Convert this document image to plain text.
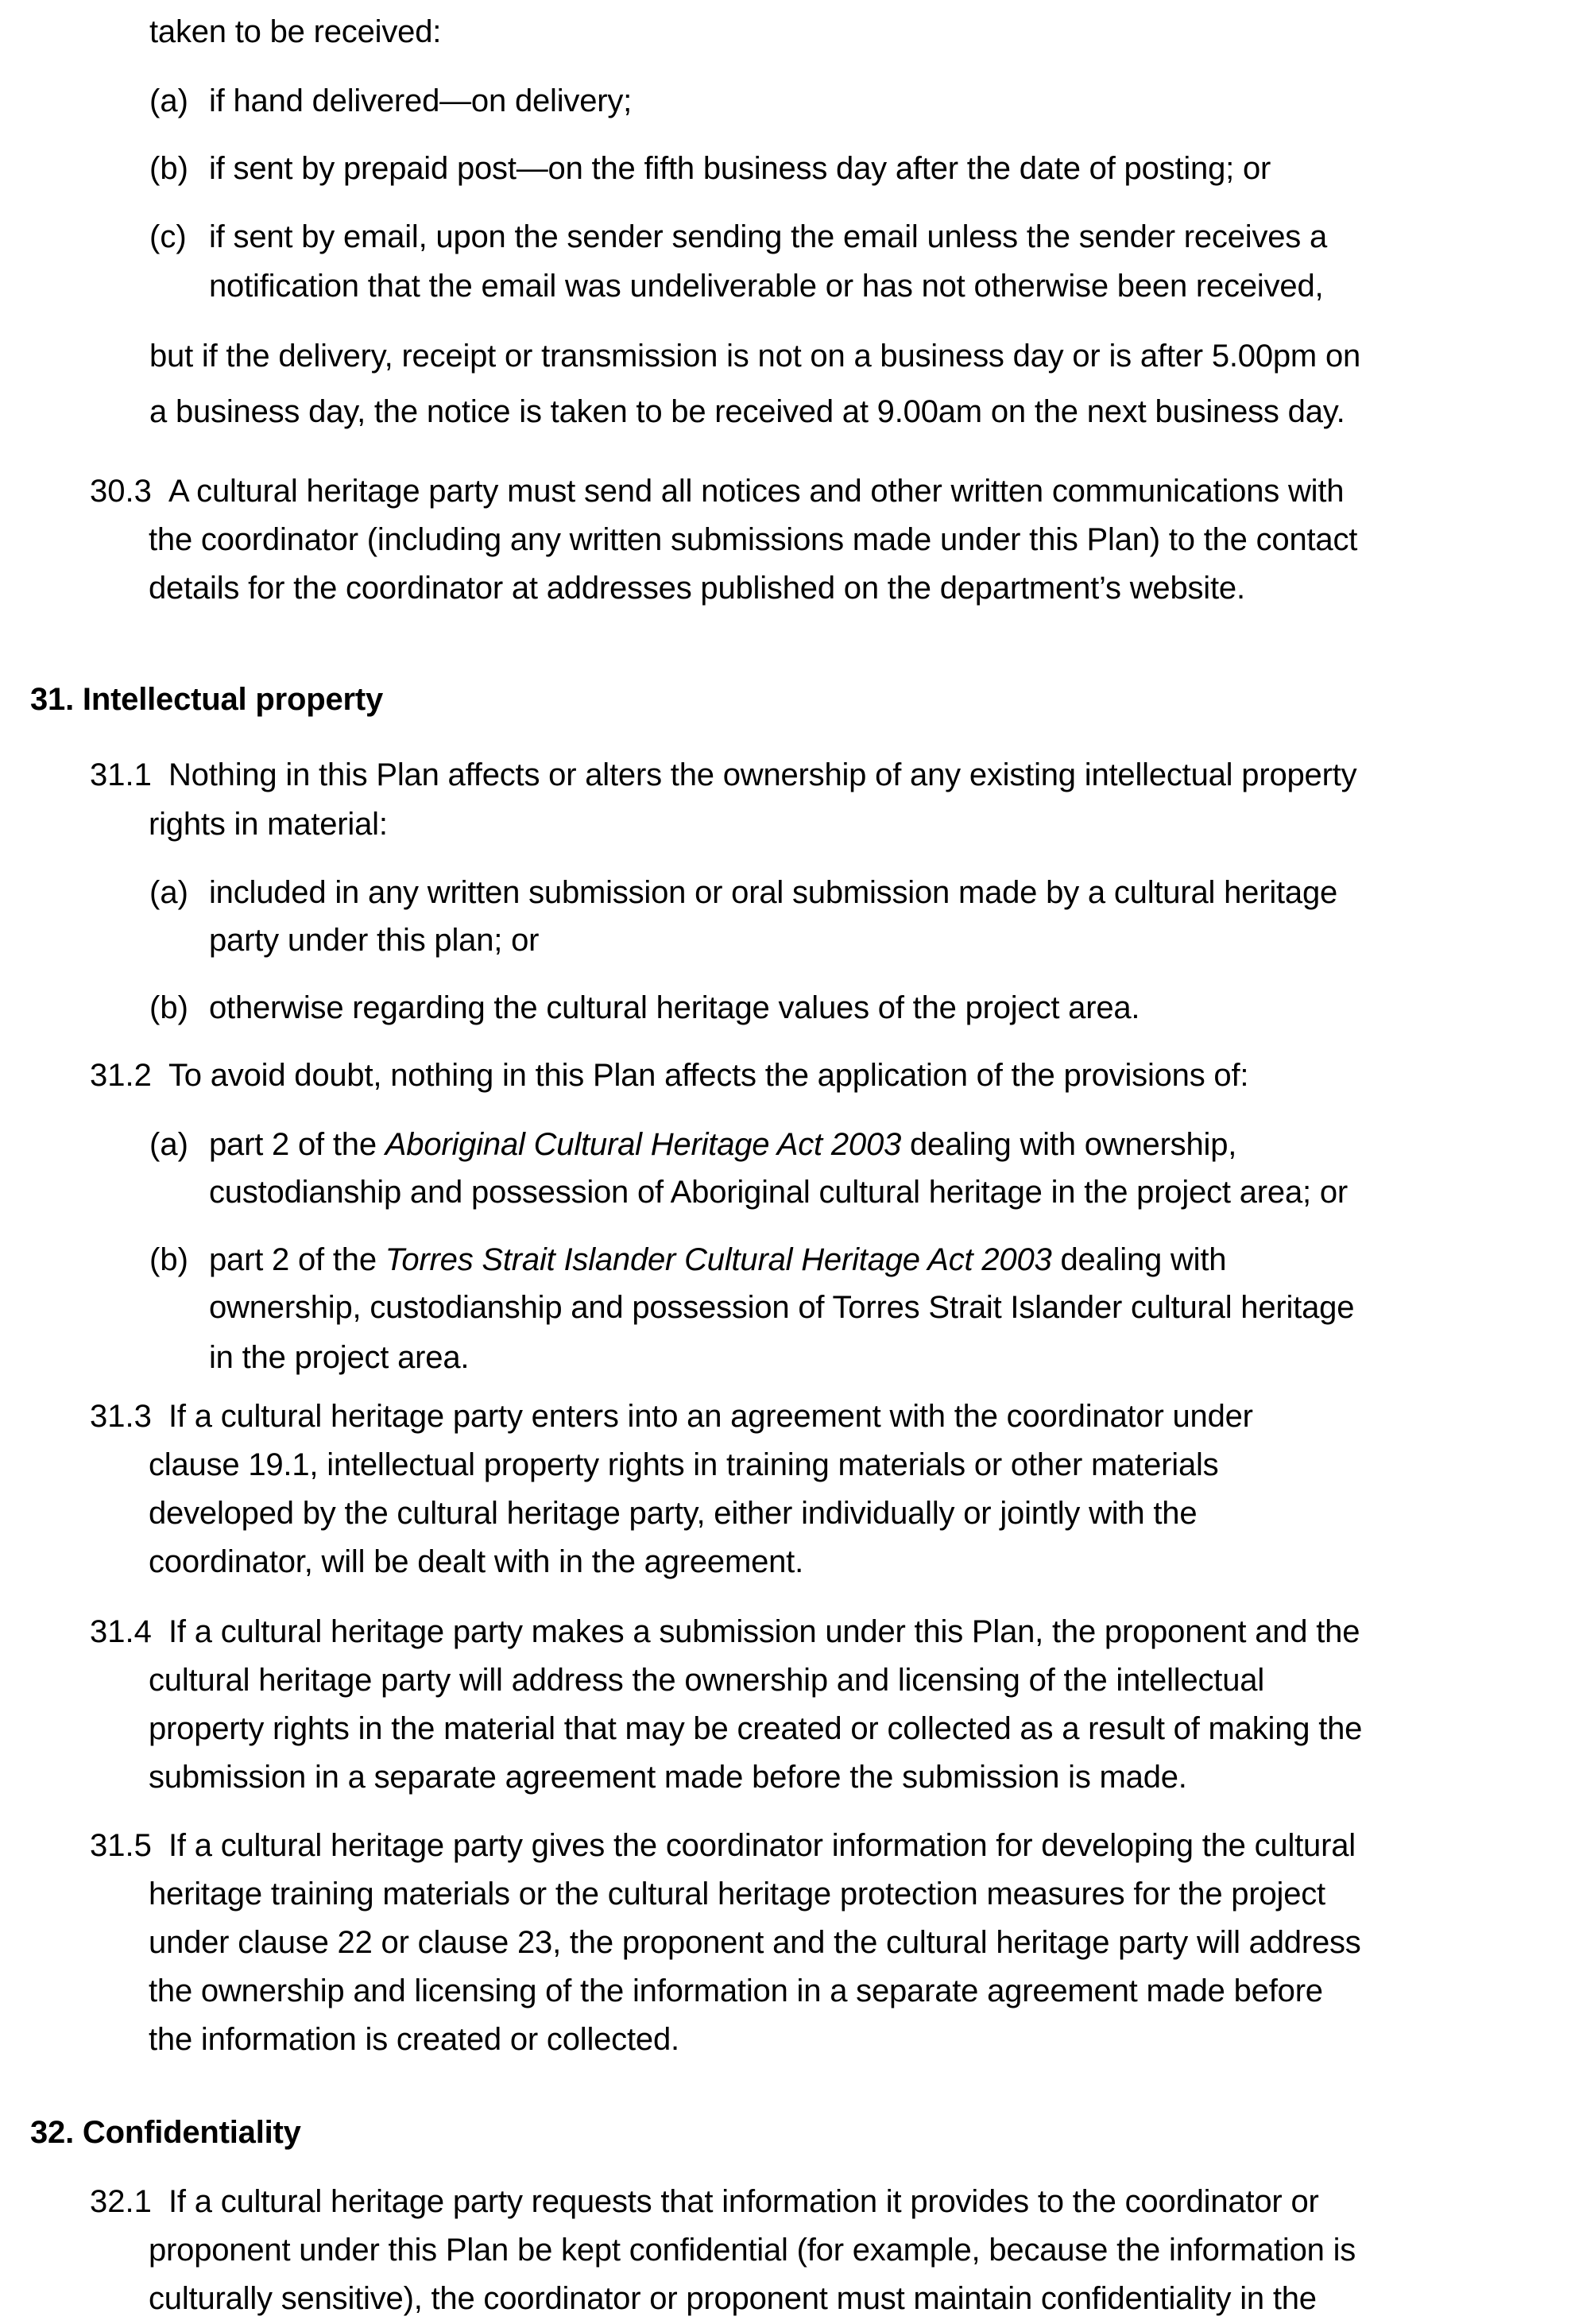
taken to be received:
(a) if hand delivered—on delivery;
(b) if sent by prepaid post—on the fifth business day after the date of posting; or
(c) if sent by email, upon the sender sending the email unless the sender receives a
notification that the email was undeliverable or has not otherwise been received,
but if the delivery, receipt or transmission is not on a business day or is after 5.00pm on
a business day, the notice is taken to be received at 9.00am on the next business day.
30.3 A cultural heritage party must send all notices and other written communications with
the coordinator (including any written submissions made under this Plan) to the contact
details for the coordinator at addresses published on the department’s website.
31. Intellectual property
31.1 Nothing in this Plan affects or alters the ownership of any existing intellectual property
rights in material:
(a) included in any written submission or oral submission made by a cultural heritage
party under this plan; or
(b) otherwise regarding the cultural heritage values of the project area.
31.2 To avoid doubt, nothing in this Plan affects the application of the provisions of:
(a) part 2 of the Aboriginal Cultural Heritage Act 2003 dealing with ownership,
custodianship and possession of Aboriginal cultural heritage in the project area; or
(b) part 2 of the Torres Strait Islander Cultural Heritage Act 2003 dealing with
ownership, custodianship and possession of Torres Strait Islander cultural heritage
in the project area.
31.3 If a cultural heritage party enters into an agreement with the coordinator under
clause 19.1, intellectual property rights in training materials or other materials
developed by the cultural heritage party, either individually or jointly with the
coordinator, will be dealt with in the agreement.
31.4 If a cultural heritage party makes a submission under this Plan, the proponent and the
cultural heritage party will address the ownership and licensing of the intellectual
property rights in the material that may be created or collected as a result of making the
submission in a separate agreement made before the submission is made.
31.5 If a cultural heritage party gives the coordinator information for developing the cultural
heritage training materials or the cultural heritage protection measures for the project
under clause 22 or clause 23, the proponent and the cultural heritage party will address
the ownership and licensing of the information in a separate agreement made before
the information is created or collected.
32. Confidentiality
32.1 If a cultural heritage party requests that information it provides to the coordinator or
proponent under this Plan be kept confidential (for example, because the information is
culturally sensitive), the coordinator or proponent must maintain confidentiality in the
